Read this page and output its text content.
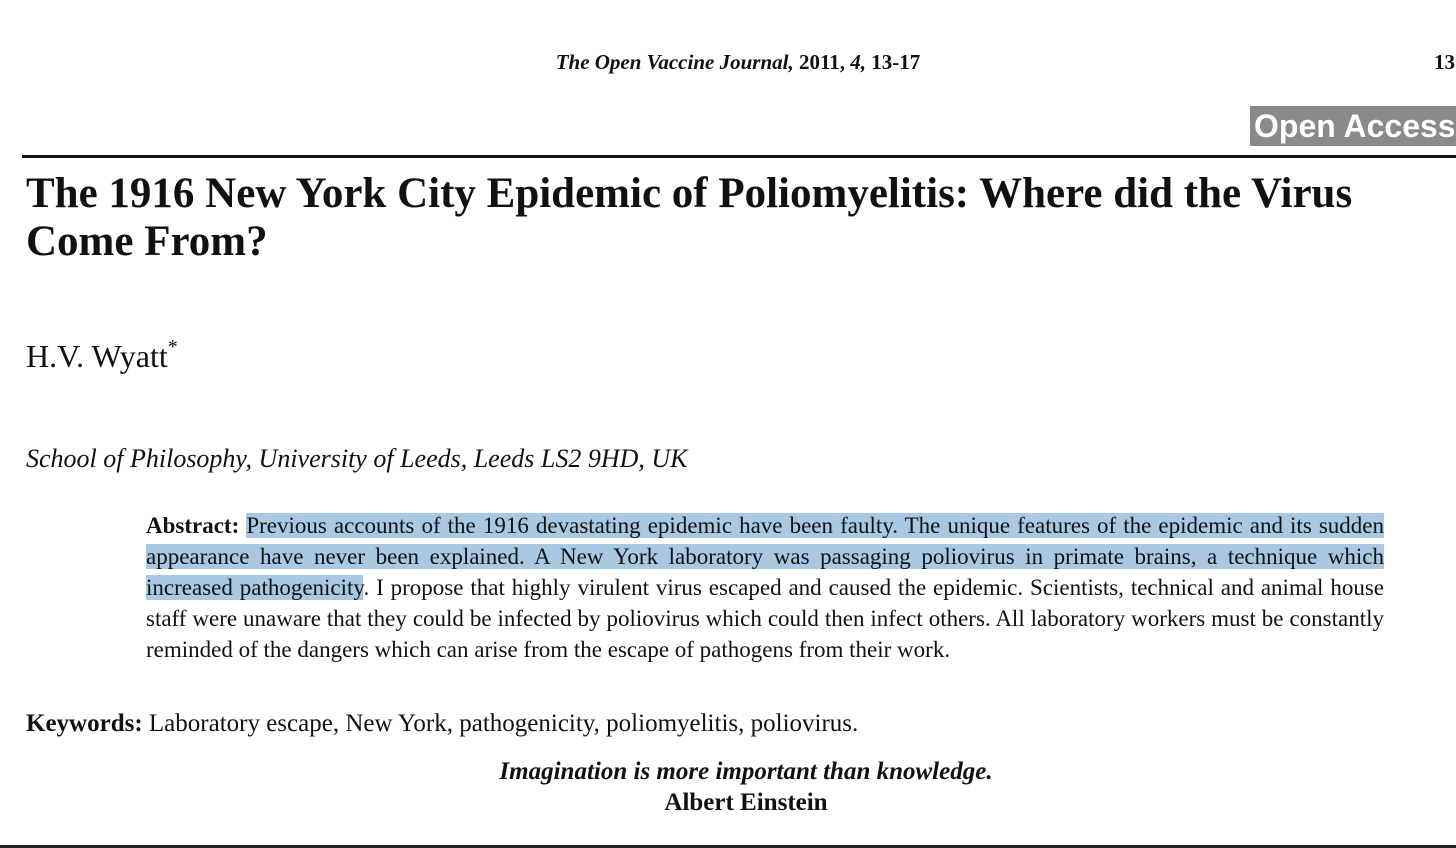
The Open Vaccine Journal, 2011, 4, 13-17	13
Open Access
The 1916 New York City Epidemic of Poliomyelitis: Where did the Virus
Come From?
H.V. Wyatt*
School of Philosophy, University of Leeds, Leeds LS2 9HD, UK

Abstract: Previous accounts of the 1916 devastating epidemic have been faulty. The unique features of the epidemic and its sudden appearance have never been explained. A New York laboratory was passaging poliovirus in primate brains, a technique which increased pathogenicity. I propose that highly virulent virus escaped and caused the epidemic. Scientists, technical and animal house staff were unaware that they could be infected by poliovirus which could then infect others. All laboratory workers must be constantly reminded of the dangers which can arise from the escape of pathogens from their work.

Keywords: Laboratory escape, New York, pathogenicity, poliomyelitis, poliovirus.
Imagination is more important than knowledge.
Albert Einstein
